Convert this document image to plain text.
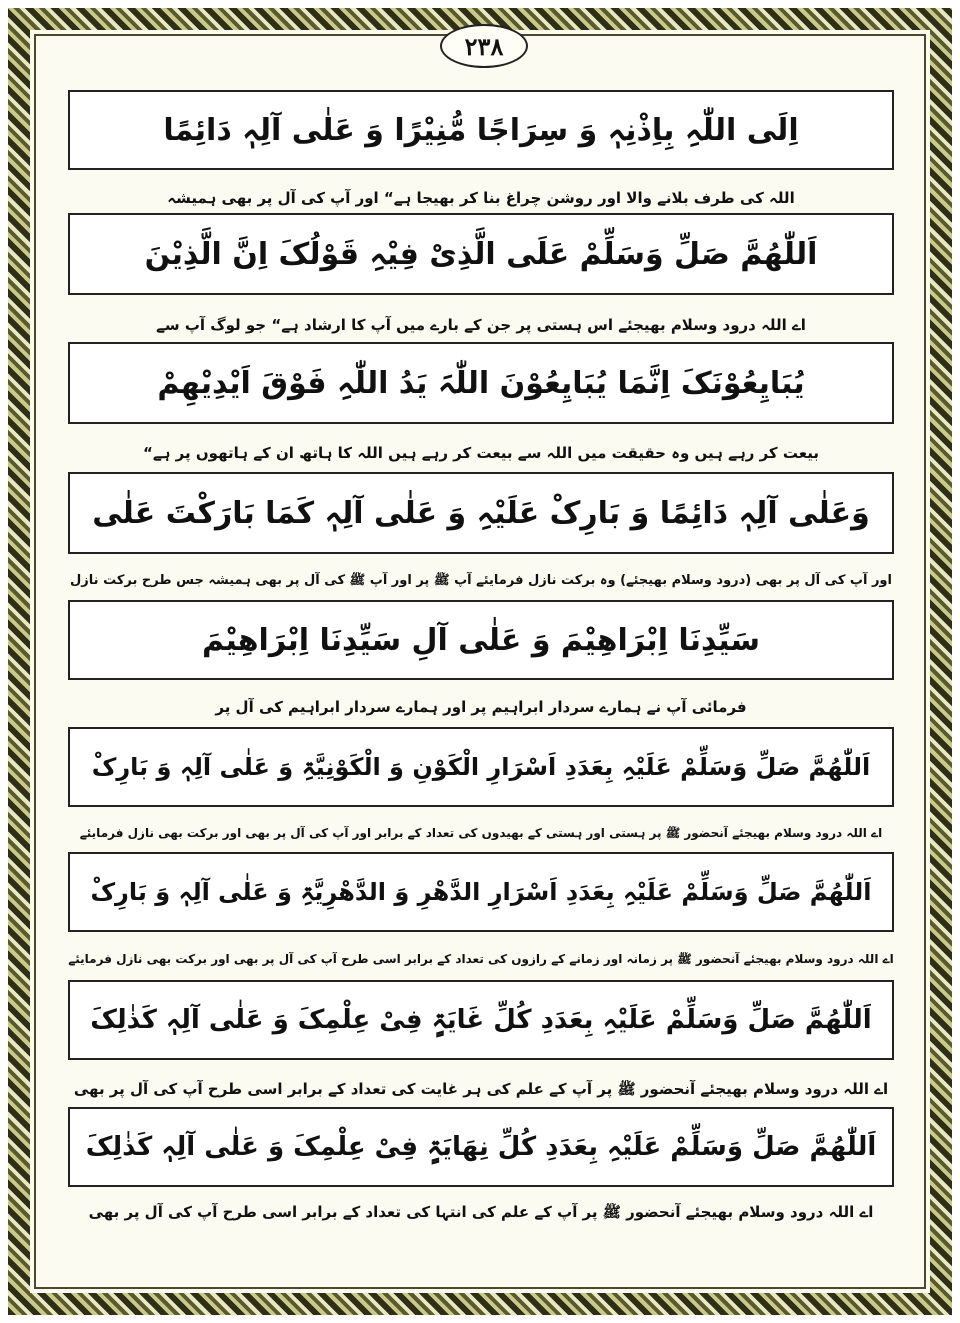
۲۳۸
اِلَی اللّٰہِ بِاِذْنِہٖ وَ سِرَاجًا مُّنِیْرًا وَ عَلٰی آلِہٖ دَائِمًا
اللہ کی طرف بلانے والا اور روشن چراغ بنا کر بھیجا ہے“ اور آپ کی آل پر بھی ہمیشہ
اَللّٰھُمَّ صَلِّ وَسَلِّمْ عَلَی الَّذِیْ فِیْہِ قَوْلُکَ اِنَّ الَّذِیْنَ
اے اللہ درود وسلام بھیجئے اس ہستی پر جن کے بارے میں آپ کا ارشاد ہے“ جو لوگ آپ سے
یُبَایِعُوْنَکَ اِنَّمَا یُبَایِعُوْنَ اللّٰہَ یَدُ اللّٰہِ فَوْقَ اَیْدِیْھِمْ
بیعت کر رہے ہیں وہ حقیقت میں اللہ سے بیعت کر رہے ہیں اللہ کا ہاتھ ان کے ہاتھوں پر ہے“
وَعَلٰی آلِہٖ دَائِمًا وَ بَارِکْ عَلَیْہِ وَ عَلٰی آلِہٖ کَمَا بَارَکْتَ عَلٰی
اور آپ کی آل پر بھی (درود وسلام بھیجئے) وہ برکت نازل فرمایئے آپ ﷺ پر اور آپ ﷺ کی آل پر بھی ہمیشہ جس طرح برکت نازل
سَیِّدِنَا اِبْرَاھِیْمَ وَ عَلٰی آلِ سَیِّدِنَا اِبْرَاھِیْمَ
فرمائی آپ نے ہمارے سردار ابراہیم پر اور ہمارے سردار ابراہیم کی آل پر
اَللّٰھُمَّ صَلِّ وَسَلِّمْ عَلَیْہِ بِعَدَدِ اَسْرَارِ الْکَوْنِ وَ الْکَوْنِیَّۃِ وَ عَلٰی آلِہٖ وَ بَارِکْ
اے اللہ درود وسلام بھیجئے آنحضور ﷺ پر ہستی اور ہستی کے بھیدوں کی تعداد کے برابر اور آپ کی آل پر بھی اور برکت بھی نازل فرمایئے
اَللّٰھُمَّ صَلِّ وَسَلِّمْ عَلَیْہِ بِعَدَدِ اَسْرَارِ الدَّھْرِ وَ الدَّھْرِیَّۃِ وَ عَلٰی آلِہٖ وَ بَارِکْ
اے اللہ درود وسلام بھیجئے آنحضور ﷺ پر زمانہ اور زمانے کے رازوں کی تعداد کے برابر اسی طرح آپ کی آل پر بھی اور برکت بھی نازل فرمایئے
اَللّٰھُمَّ صَلِّ وَسَلِّمْ عَلَیْہِ بِعَدَدِ کُلِّ غَایَۃٍ فِیْ عِلْمِکَ وَ عَلٰی آلِہٖ کَذٰلِکَ
اے اللہ درود وسلام بھیجئے آنحضور ﷺ پر آپ کے علم کی ہر غایت کی تعداد کے برابر اسی طرح آپ کی آل پر بھی
اَللّٰھُمَّ صَلِّ وَسَلِّمْ عَلَیْہِ بِعَدَدِ کُلِّ نِھَایَۃٍ فِیْ عِلْمِکَ وَ عَلٰی آلِہٖ کَذٰلِکَ
اے اللہ درود وسلام بھیجئے آنحضور ﷺ پر آپ کے علم کی انتہا کی تعداد کے برابر اسی طرح آپ کی آل پر بھی
